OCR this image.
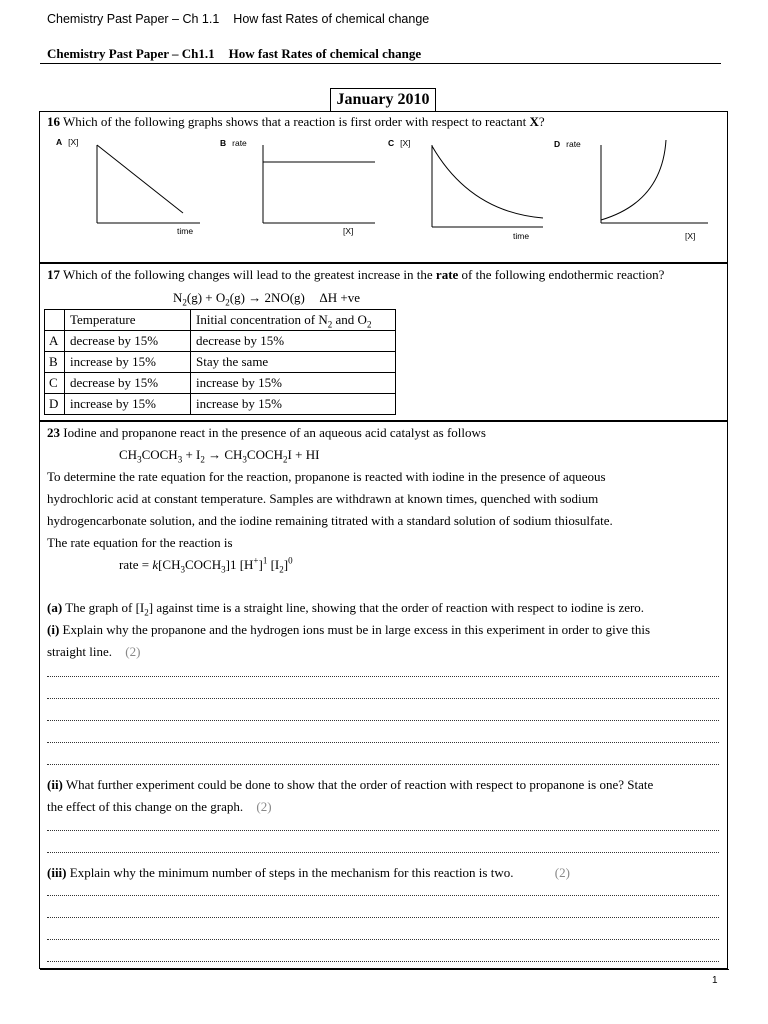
Chemistry Past Paper – Ch 1.1 How fast Rates of chemical change
Chemistry Past Paper – Ch1.1 How fast Rates of chemical change
January 2010
16 Which of the following graphs shows that a reaction is first order with respect to reactant X?
A [X]
time
B rate
[X]
C [X]
time
D rate
[X]
17 Which of the following changes will lead to the greatest increase in the rate of the following endothermic reaction?
$N_2(g) + O_2(g) \to 2NO(g)$ ΔH +ve
	Temperature	Initial concentration of $N_2$ and $O_2$
A	decrease by 15%	decrease by 15%
B	increase by 15%	Stay the same
C	decrease by 15%	increase by 15%
D	increase by 15%	increase by 15%
23 Iodine and propanone react in the presence of an aqueous acid catalyst as follows
$CH_3COCH_3 + I_2$ → $CH_3COCH_2I$ + HI
To determine the rate equation for the reaction, propanone is reacted with iodine in the presence of aqueous
hydrochloric acid at constant temperature. Samples are withdrawn at known times, quenched with sodium
hydrogencarbonate solution, and the iodine remaining titrated with a standard solution of sodium thiosulfate.
The rate equation for the reaction is
rate = $k[CH_3COCH_3]1$ $[H^+]^1$ $[I_2]^0$
(a) The graph of $[I_2]$ against time is a straight line, showing that the order of reaction with respect to iodine is zero.
(i) Explain why the propanone and the hydrogen ions must be in large excess in this experiment in order to give this
straight line. (2)
(ii) What further experiment could be done to show that the order of reaction with respect to propanone is one? State
the effect of this change on the graph. (2)
(iii) Explain why the minimum number of steps in the mechanism for this reaction is two.	(2)
1
